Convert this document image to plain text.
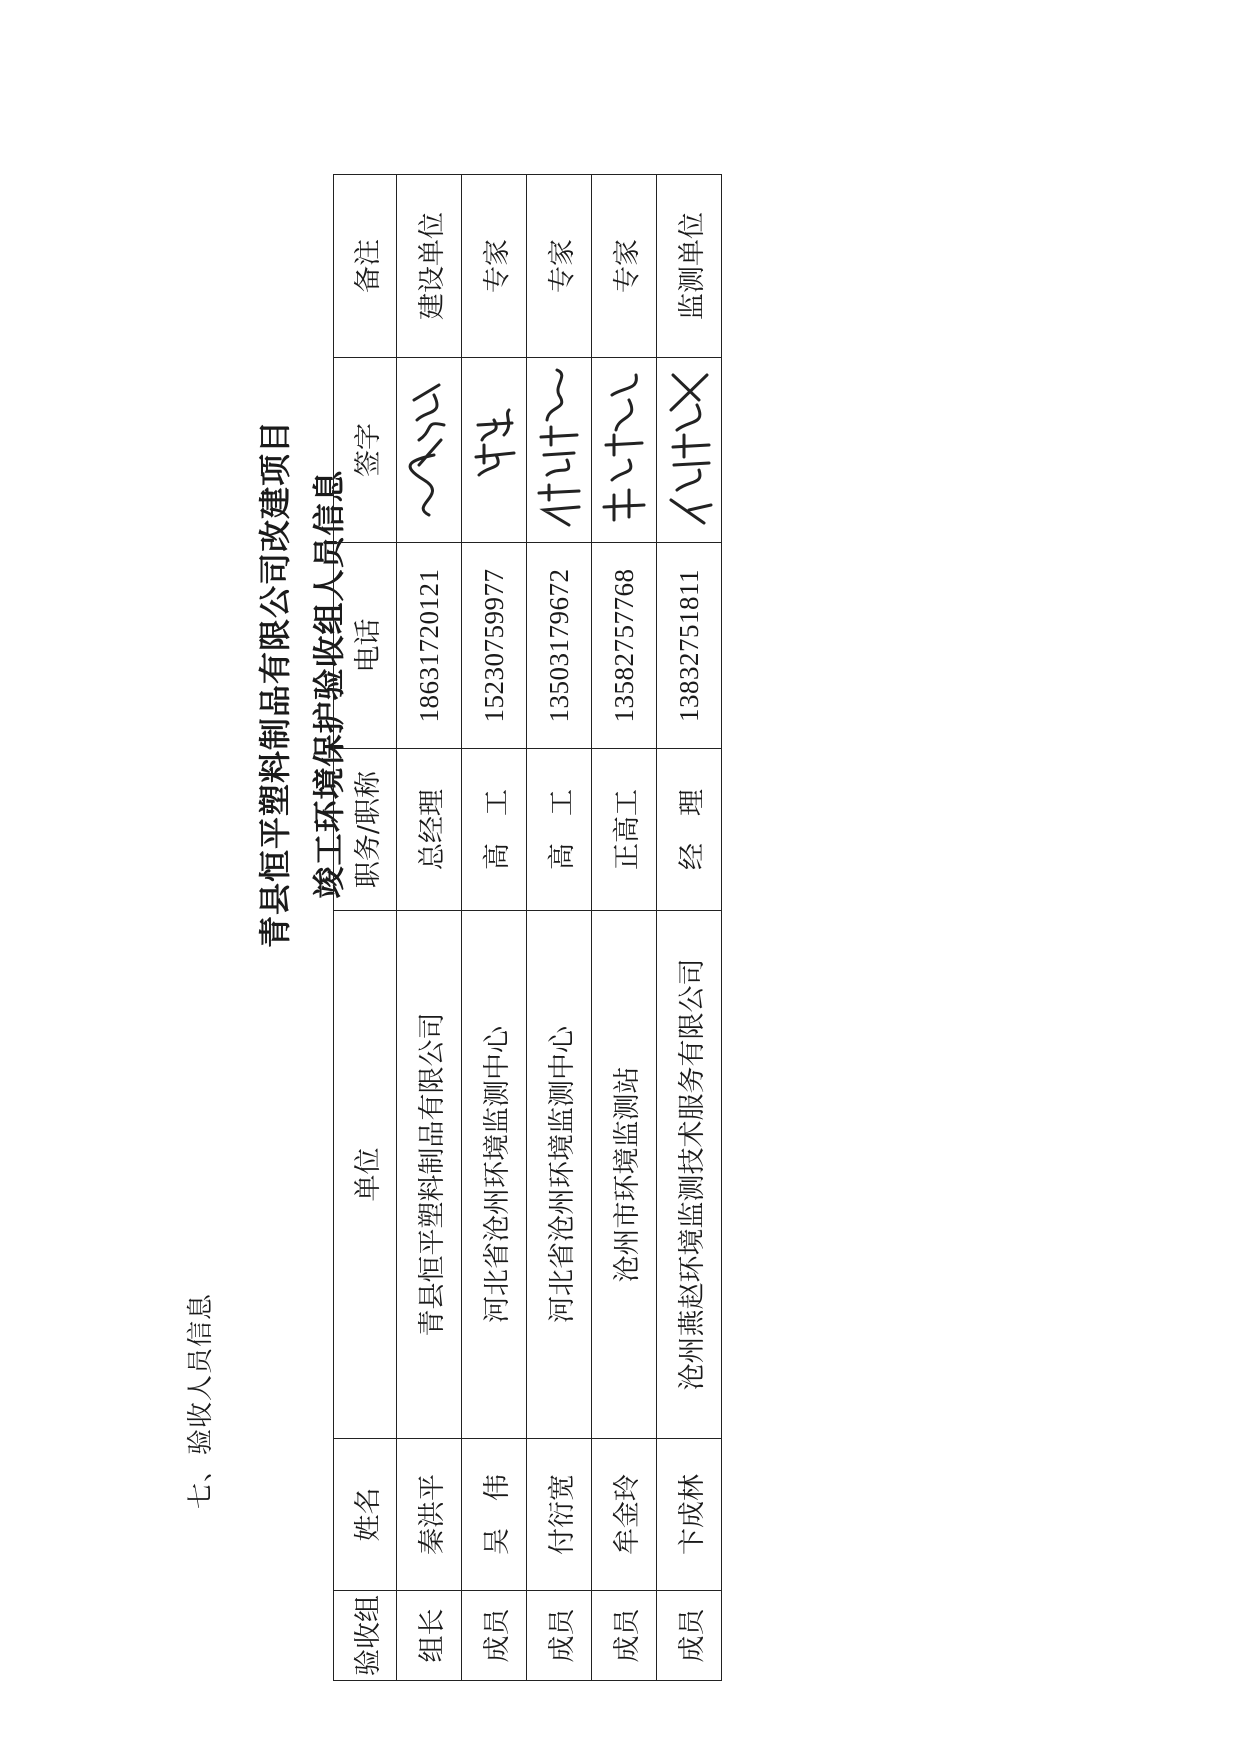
七、验收人员信息
青县恒平塑料制品有限公司改建项目 竣工环境保护验收组人员信息
验收组	姓名	单位	职务/职称	电话	签字	备注
组长	秦洪平	青县恒平塑料制品有限公司	总经理	18631720121		建设单位
成员	吴　伟	河北省沧州环境监测中心	高　工	15230759977		专家
成员	付衍宽	河北省沧州环境监测中心	高　工	13503179672		专家
成员	牟金玲	沧州市环境监测站	正高工	13582757768		专家
成员	卞成林	沧州燕赵环境监测技术服务有限公司	经　理	13832751811		监测单位
